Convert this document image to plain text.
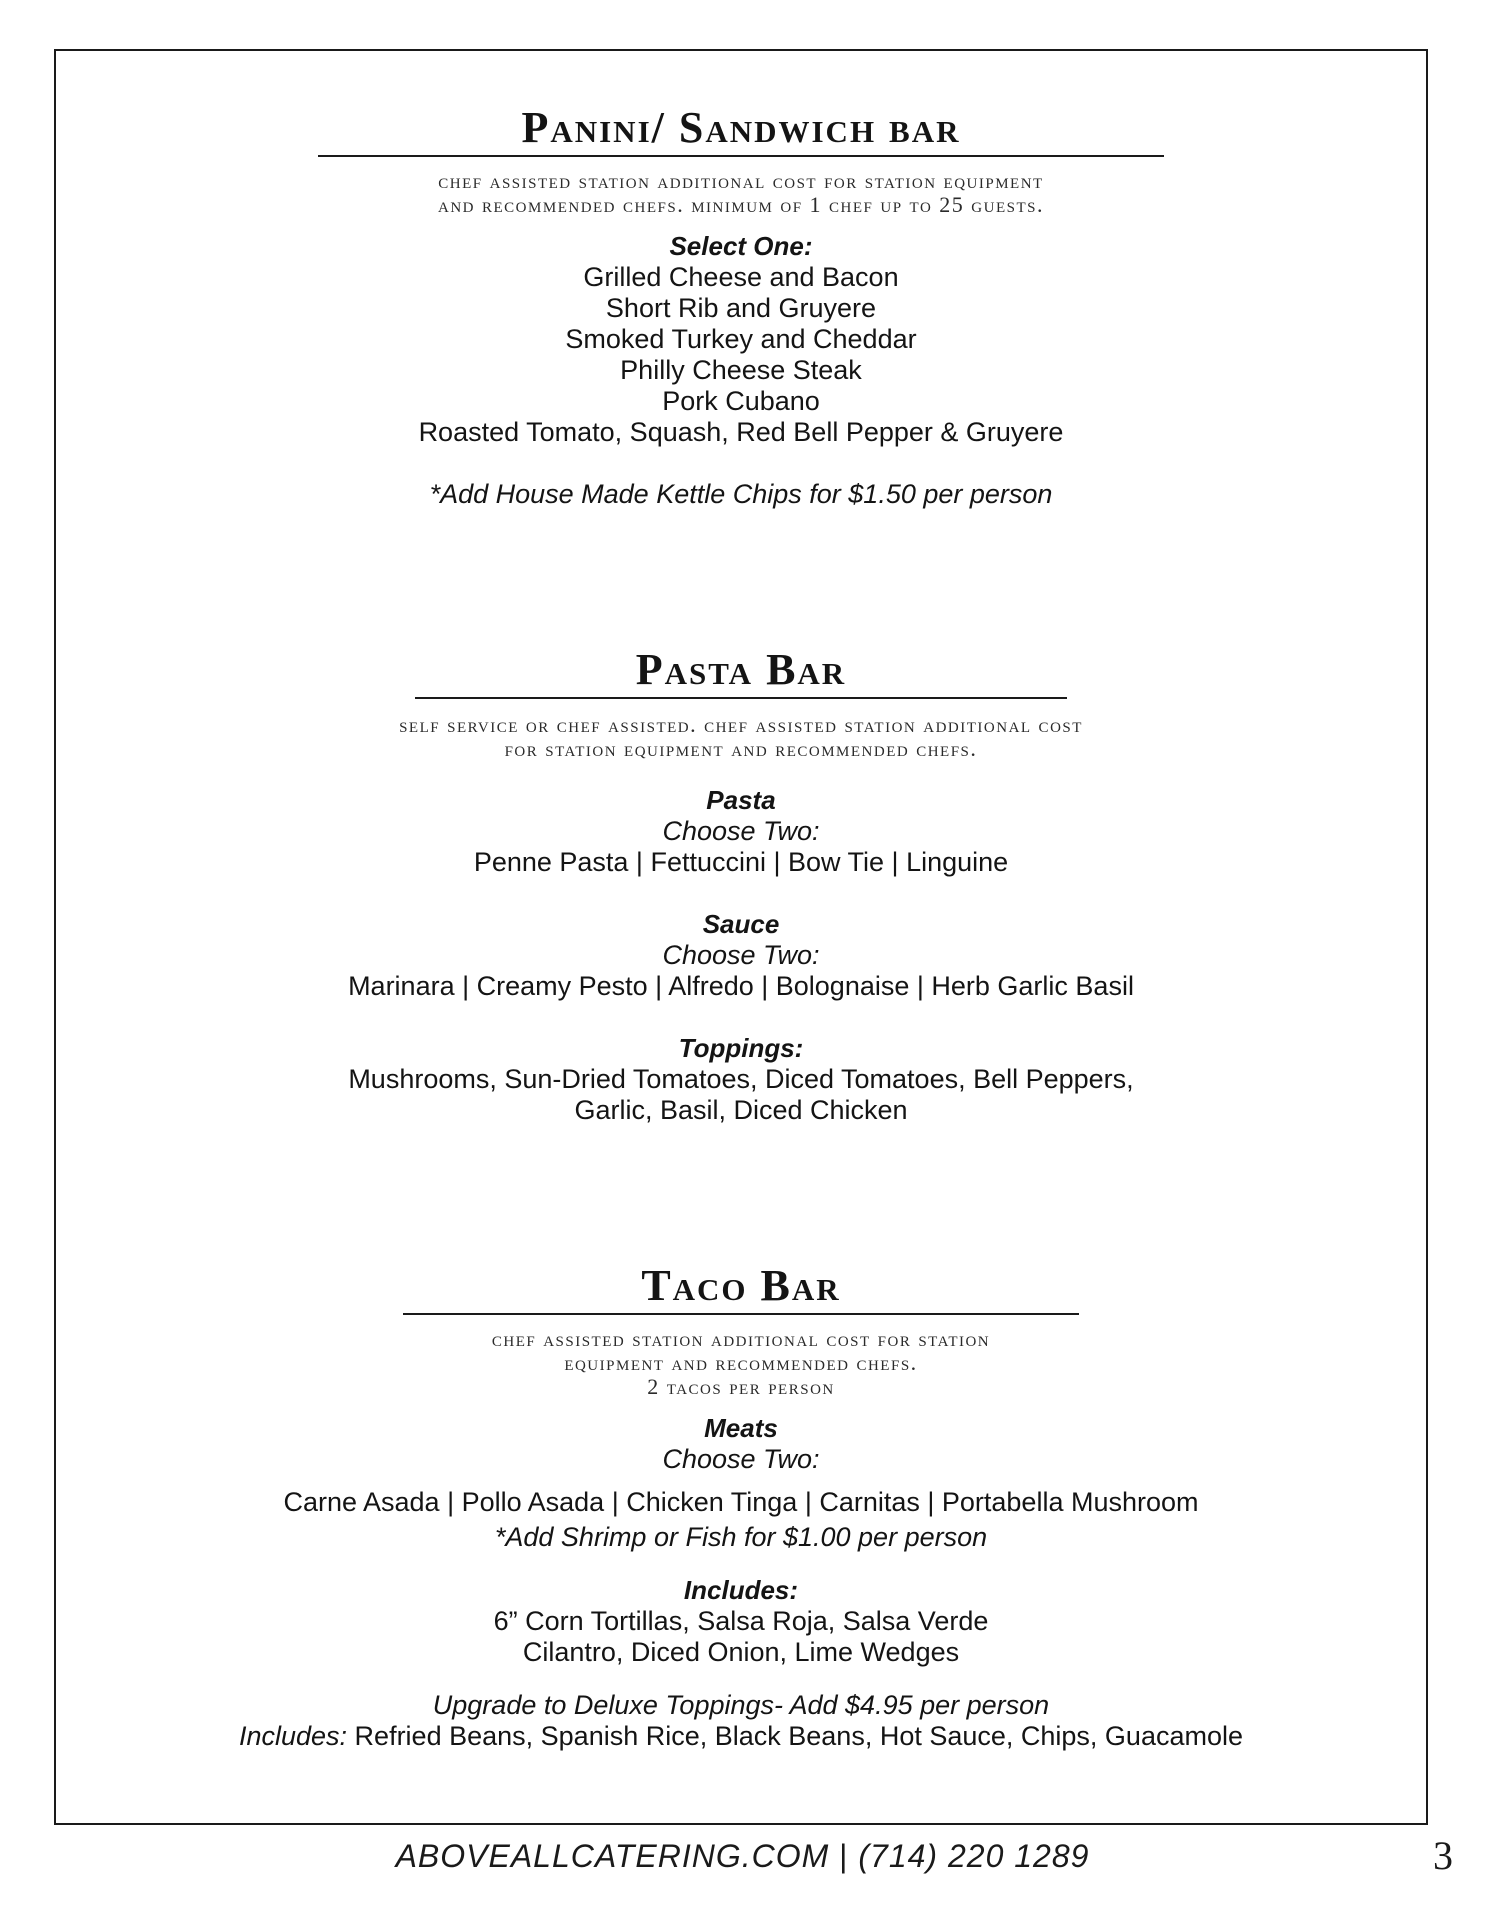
Panini/ Sandwich bar
chef assisted station additional cost for station equipment
and recommended chefs. minimum of 1 chef up to 25 guests.
Select One:
Grilled Cheese and Bacon
Short Rib and Gruyere
Smoked Turkey and Cheddar
Philly Cheese Steak
Pork Cubano
Roasted Tomato, Squash, Red Bell Pepper & Gruyere
*Add House Made Kettle Chips for $1.50 per person
Pasta Bar
self service or chef assisted. chef assisted station additional cost
for station equipment and recommended chefs.
Pasta
Choose Two:
Penne Pasta | Fettuccini | Bow Tie | Linguine
Sauce
Choose Two:
Marinara | Creamy Pesto | Alfredo | Bolognaise | Herb Garlic Basil
Toppings:
Mushrooms, Sun-Dried Tomatoes, Diced Tomatoes, Bell Peppers,
Garlic, Basil, Diced Chicken
Taco Bar
chef assisted station additional cost for station
equipment and recommended chefs.
2 tacos per person
Meats
Choose Two:
Carne Asada | Pollo Asada | Chicken Tinga | Carnitas | Portabella Mushroom
*Add Shrimp or Fish for $1.00 per person
Includes:
6” Corn Tortillas, Salsa Roja, Salsa Verde
Cilantro, Diced Onion, Lime Wedges
Upgrade to Deluxe Toppings- Add $4.95 per person
Includes: Refried Beans, Spanish Rice, Black Beans, Hot Sauce, Chips, Guacamole
ABOVEALLCATERING.COM | (714) 220 1289	3
